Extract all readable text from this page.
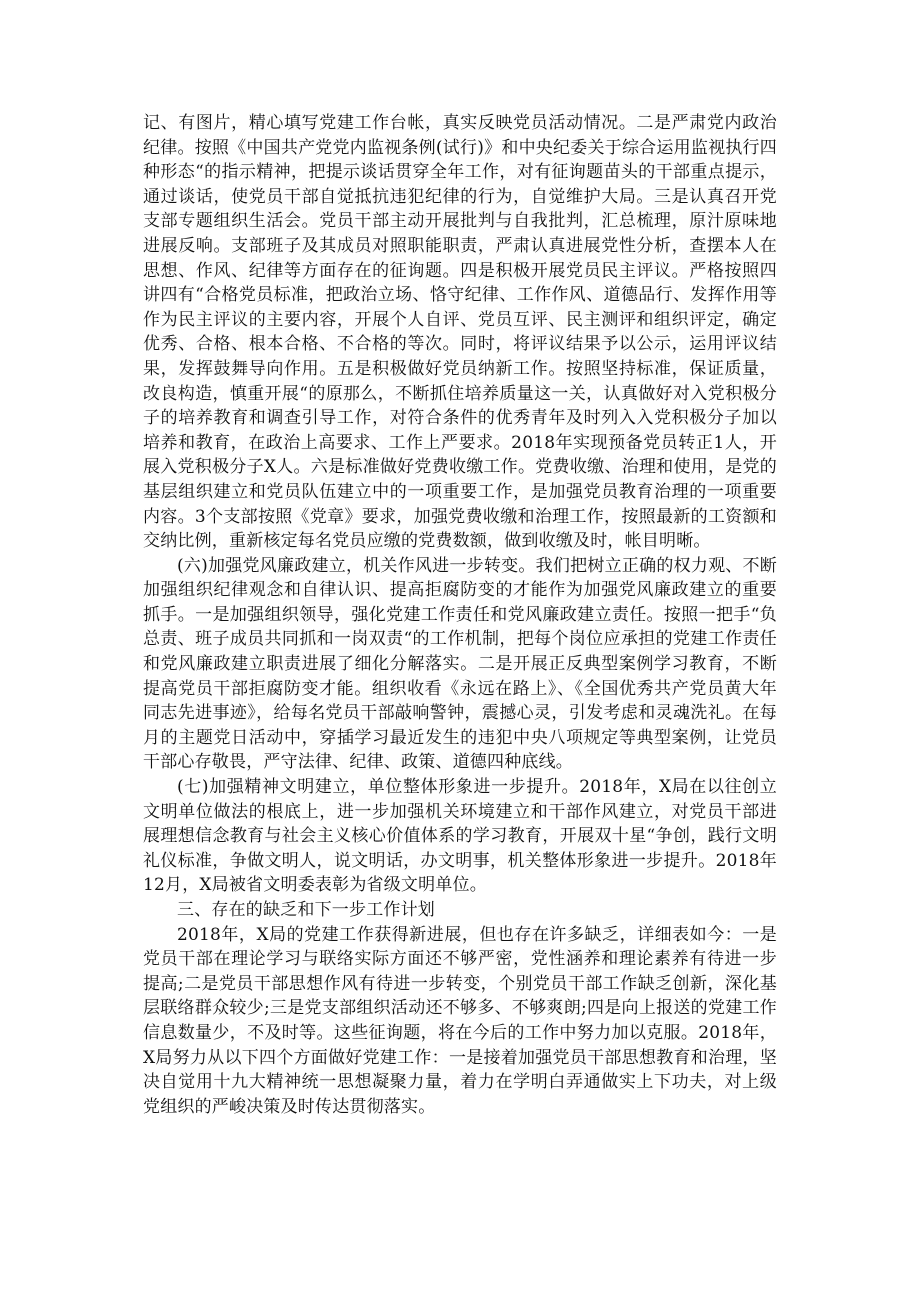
记、有图片，精心填写党建工作台帐，真实反映党员活动情况。二是严肃党内政治纪律。按照《中国共产党党内监视条例(试行)》和中央纪委关于综合运用监视执行四种形态“的指示精神，把提示谈话贯穿全年工作，对有征询题苗头的干部重点提示，通过谈话，使党员干部自觉抵抗违犯纪律的行为，自觉维护大局。三是认真召开党支部专题组织生活会。党员干部主动开展批判与自我批判，汇总梳理，原汁原味地进展反响。支部班子及其成员对照职能职责，严肃认真进展党性分析，查摆本人在思想、作风、纪律等方面存在的征询题。四是积极开展党员民主评议。严格按照四讲四有“合格党员标准，把政治立场、恪守纪律、工作作风、道德品行、发挥作用等作为民主评议的主要内容，开展个人自评、党员互评、民主测评和组织评定，确定优秀、合格、根本合格、不合格的等次。同时，将评议结果予以公示，运用评议结果，发挥鼓舞导向作用。五是积极做好党员纳新工作。按照坚持标准，保证质量，改良构造，慎重开展“的原那么，不断抓住培养质量这一关，认真做好对入党积极分子的培养教育和调查引导工作，对符合条件的优秀青年及时列入入党积极分子加以培养和教育，在政治上高要求、工作上严要求。2018年实现预备党员转正1人，开展入党积极分子X人。六是标准做好党费收缴工作。党费收缴、治理和使用，是党的基层组织建立和党员队伍建立中的一项重要工作，是加强党员教育治理的一项重要内容。3个支部按照《党章》要求，加强党费收缴和治理工作，按照最新的工资额和交纳比例，重新核定每名党员应缴的党费数额，做到收缴及时，帐目明晰。

(六)加强党风廉政建立，机关作风进一步转变。我们把树立正确的权力观、不断加强组织纪律观念和自律认识、提高拒腐防变的才能作为加强党风廉政建立的重要抓手。一是加强组织领导，强化党建工作责任和党风廉政建立责任。按照一把手“负总责、班子成员共同抓和一岗双责“的工作机制，把每个岗位应承担的党建工作责任和党风廉政建立职责进展了细化分解落实。二是开展正反典型案例学习教育，不断提高党员干部拒腐防变才能。组织收看《永远在路上》、《全国优秀共产党员黄大年同志先进事迹》，给每名党员干部敲响警钟，震撼心灵，引发考虑和灵魂洗礼。在每月的主题党日活动中，穿插学习最近发生的违犯中央八项规定等典型案例，让党员干部心存敬畏，严守法律、纪律、政策、道德四种底线。

(七)加强精神文明建立，单位整体形象进一步提升。2018年，X局在以往创立文明单位做法的根底上，进一步加强机关环境建立和干部作风建立，对党员干部进展理想信念教育与社会主义核心价值体系的学习教育，开展双十星“争创，践行文明礼仪标准，争做文明人，说文明话，办文明事，机关整体形象进一步提升。2018年12月，X局被省文明委表彰为省级文明单位。

三、存在的缺乏和下一步工作计划

2018年，X局的党建工作获得新进展，但也存在许多缺乏，详细表如今：一是党员干部在理论学习与联络实际方面还不够严密，党性涵养和理论素养有待进一步提高;二是党员干部思想作风有待进一步转变，个别党员干部工作缺乏创新，深化基层联络群众较少;三是党支部组织活动还不够多、不够爽朗;四是向上报送的党建工作信息数量少，不及时等。这些征询题，将在今后的工作中努力加以克服。2018年，X局努力从以下四个方面做好党建工作：一是接着加强党员干部思想教育和治理，坚决自觉用十九大精神统一思想凝聚力量，着力在学明白弄通做实上下功夫，对上级党组织的严峻决策及时传达贯彻落实。
